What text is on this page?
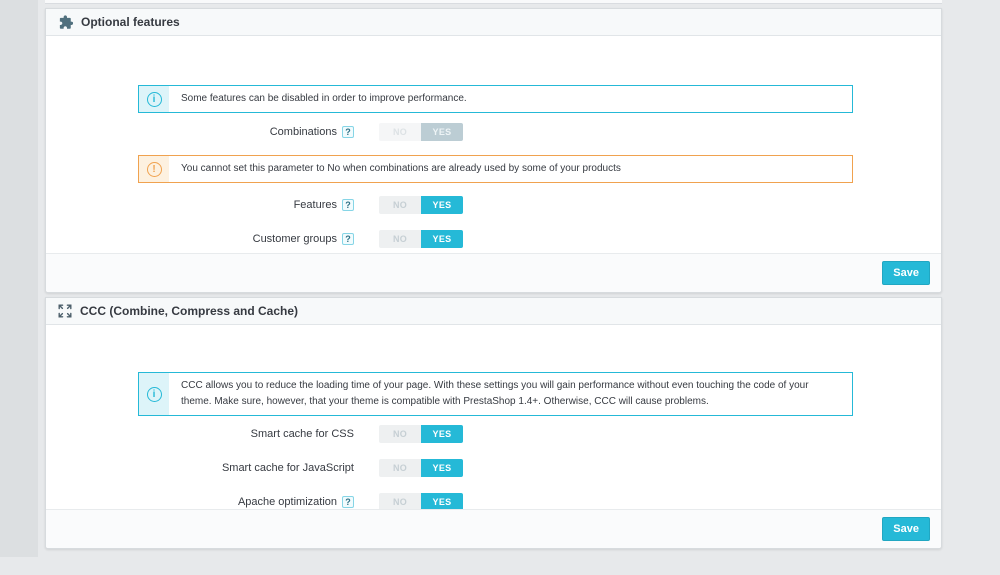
Optional features
i	Some features can be disabled in order to improve performance.
Combinations ?	NO	YES
!	You cannot set this parameter to No when combinations are already used by some of your products
Features ?	NO	YES
Customer groups ?	NO	YES
Save
CCC (Combine, Compress and Cache)
i
CCC allows you to reduce the loading time of your page. With these settings you will gain performance without even touching the code of your theme. Make sure, however, that your theme is compatible with PrestaShop 1.4+. Otherwise, CCC will cause problems.
Smart cache for CSS	NO	YES
Smart cache for JavaScript	NO	YES
Apache optimization ?	NO	YES
Save
